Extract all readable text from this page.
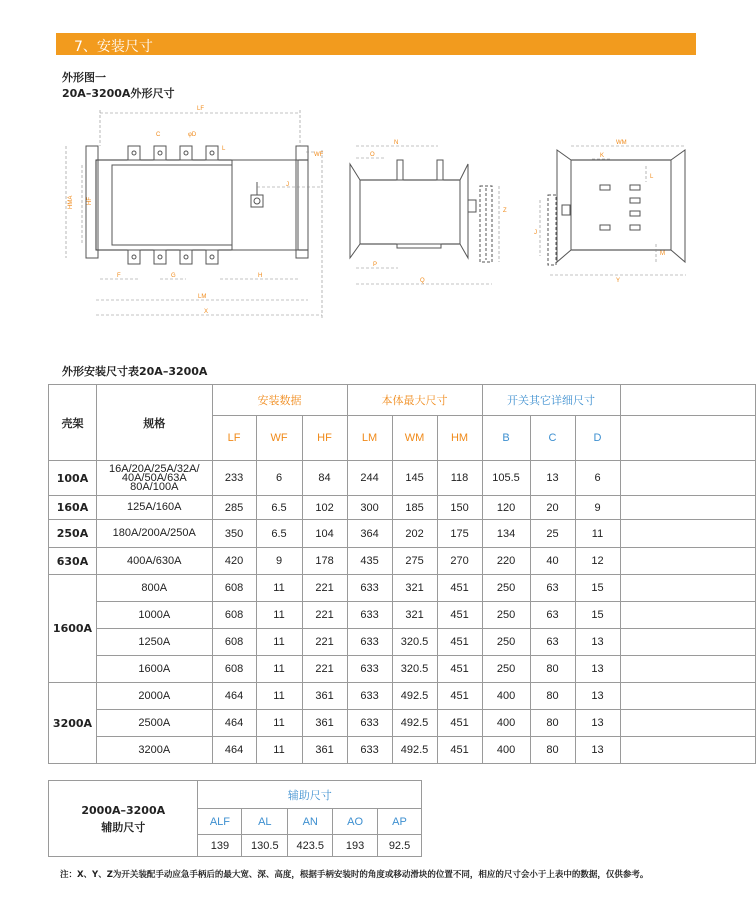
7、安装尺寸
外形图一
20A–3200A外形尺寸
LF
C	φD
L
WF
HMA HF
J
F	G	H
LM
X
N
O
P
Q
Z
WM
K
L
J
Y
M
外形安装尺寸表20A–3200A
壳架	规格	安装数据			本体最大尺寸			开关其它详细尺寸			
		LF	WF	HF	LM	WM	HM	B	C	D	
100A	16A/20A/25A/32A/ 40A/50A/63A 80A/100A	233	6	84	244	145	118	105.5	13	6	
160A	125A/160A	285	6.5	102	300	185	150	120	20	9	
250A	180A/200A/250A	350	6.5	104	364	202	175	134	25	11	
630A	400A/630A	420	9	178	435	275	270	220	40	12	
1600A	800A	608	11	221	633	321	451	250	63	15	
	1000A	608	11	221	633	321	451	250	63	15	
	1250A	608	11	221	633	320.5	451	250	63	13	
	1600A	608	11	221	633	320.5	451	250	80	13	
3200A	2000A	464	11	361	633	492.5	451	400	80	13	
	2500A	464	11	361	633	492.5	451	400	80	13	
	3200A	464	11	361	633	492.5	451	400	80	13	
2000A–3200A
辅助尺寸	辅助尺寸				
	ALF	AL	AN	AO	AP
	139	130.5	423.5	193	92.5
注：X、Y、Z为开关装配手动应急手柄后的最大宽、深、高度，根据手柄安装时的角度或移动滑块的位置不同，相应的尺寸会小于上表中的数据，仅供参考。
